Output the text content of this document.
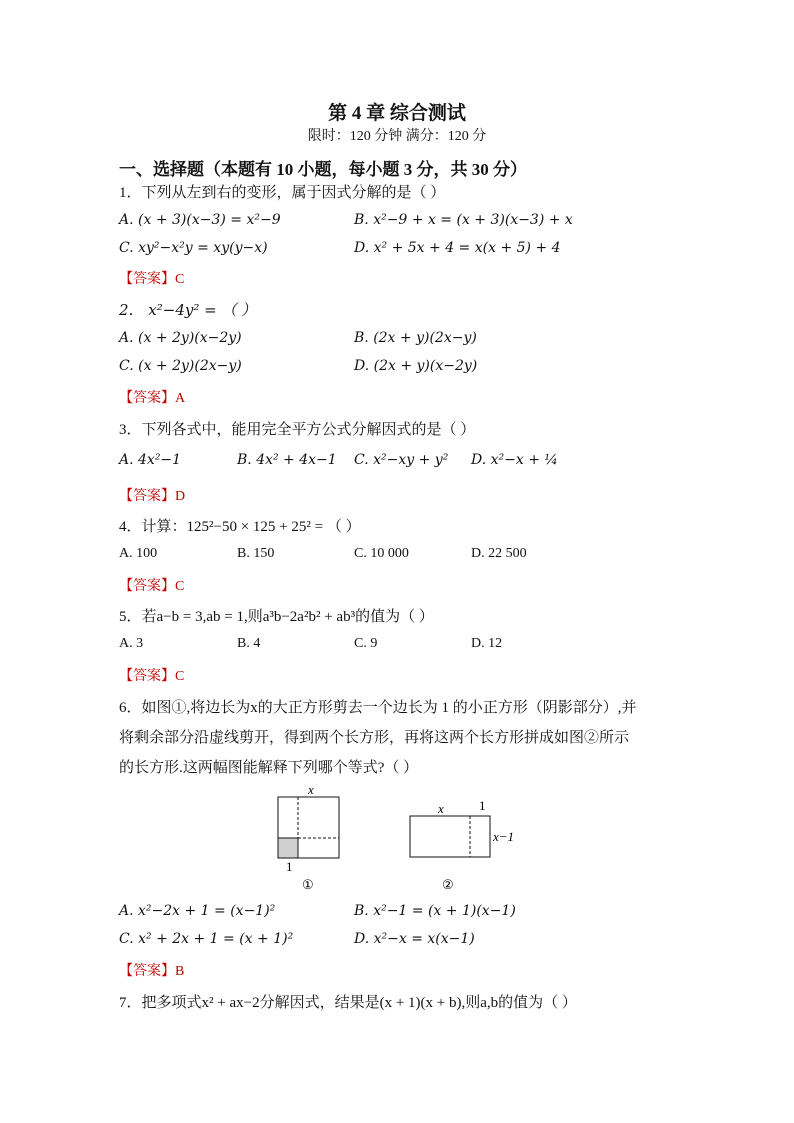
第 4 章 综合测试
限时：120 分钟 满分：120 分
一、选择题（本题有 10 小题，每小题 3 分，共 30 分）
1．下列从左到右的变形，属于因式分解的是（ ）
A. (x + 3)(x−3) = x²−9	B. x²−9 + x = (x + 3)(x−3) + x
C. xy²−x²y = xy(y−x)	D. x² + 5x + 4 = x(x + 5) + 4
【答案】C
2． x²−4y² = （ ）
A. (x + 2y)(x−2y)	B. (2x + y)(2x−y)
C. (x + 2y)(2x−y)	D. (2x + y)(x−2y)
【答案】A
3．下列各式中，能用完全平方公式分解因式的是（ ）
A. 4x²−1	B. 4x² + 4x−1 C. x²−xy + y² D. x²−x + ¼
【答案】D
4．计算：125²−50 × 125 + 25² = （ ）
A. 100	B. 150	C. 10 000	D. 22 500
【答案】C
5．若a−b = 3,ab = 1,则a³b−2a²b² + ab³的值为（ ）
A. 3	B. 4	C. 9	D. 12
【答案】C
6．如图①,将边长为x的大正方形剪去一个边长为 1 的小正方形（阴影部分）,并
将剩余部分沿虚线剪开，得到两个长方形，再将这两个长方形拼成如图②所示
的长方形.这两幅图能解释下列哪个等式?（ ）
x
1
①
x	1
x−1
②
A. x²−2x + 1 = (x−1)²	B. x²−1 = (x + 1)(x−1)
C. x² + 2x + 1 = (x + 1)²	D. x²−x = x(x−1)
【答案】B
7．把多项式x² + ax−2分解因式，结果是(x + 1)(x + b),则a,b的值为（ ）
